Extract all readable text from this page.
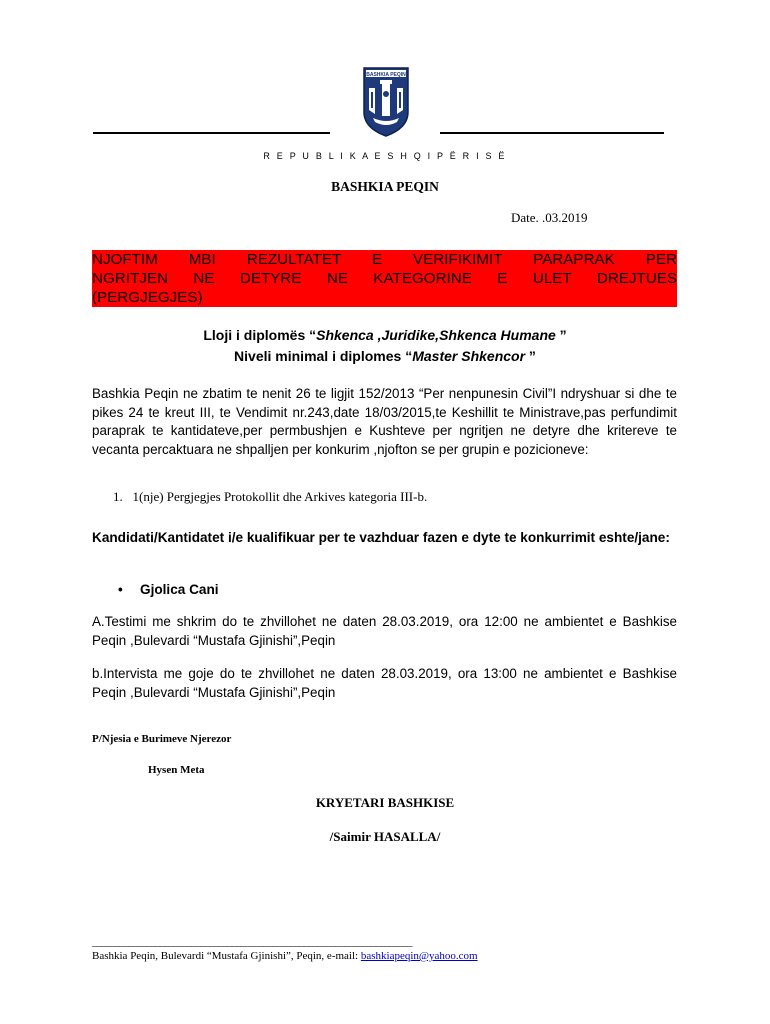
BASHKIA PEQIN
R E P U B L I K A E S H Q I P Ë R I S Ë
BASHKIA PEQIN
Date. .03.2019
NJOFTIM MBI REZULTATET E VERIFIKIMIT PARAPRAK PER
NGRITJEN NE DETYRE NE KATEGORINE E ULET DREJTUES
(PERGJEGJES)
Lloji i diplomës “Shkenca ,Juridike,Shkenca Humane ”
Niveli minimal i diplomes “Master Shkencor ”
Bashkia Peqin ne zbatim te nenit 26 te ligjit 152/2013 “Per nenpunesin Civil”I ndryshuar si dhe te pikes 24 te kreut III, te Vendimit nr.243,date 18/03/2015,te Keshillit te Ministrave,pas perfundimit paraprak te kantidateve,per permbushjen e Kushteve per ngritjen ne detyre dhe kritereve te vecanta percaktuara ne shpalljen per konkurim ,njofton se per grupin e pozicioneve:
1. 1(nje) Pergjegjes Protokollit dhe Arkives kategoria III-b.
Kandidati/Kantidatet i/e kualifikuar per te vazhduar fazen e dyte te konkurrimit eshte/jane:
• Gjolica Cani
A.Testimi me shkrim do te zhvillohet ne daten 28.03.2019, ora 12:00 ne ambientet e Bashkise Peqin ,Bulevardi “Mustafa Gjinishi”,Peqin
b.Intervista me goje do te zhvillohet ne daten 28.03.2019, ora 13:00 ne ambientet e Bashkise Peqin ,Bulevardi “Mustafa Gjinishi”,Peqin
P/Njesia e Burimeve Njerezor
Hysen Meta
KRYETARI BASHKISE
/Saimir HASALLA/
_______________________________________________________________________
Bashkia Peqin, Bulevardi “Mustafa Gjinishi”, Peqin, e-mail: bashkiapeqin@yahoo.com
